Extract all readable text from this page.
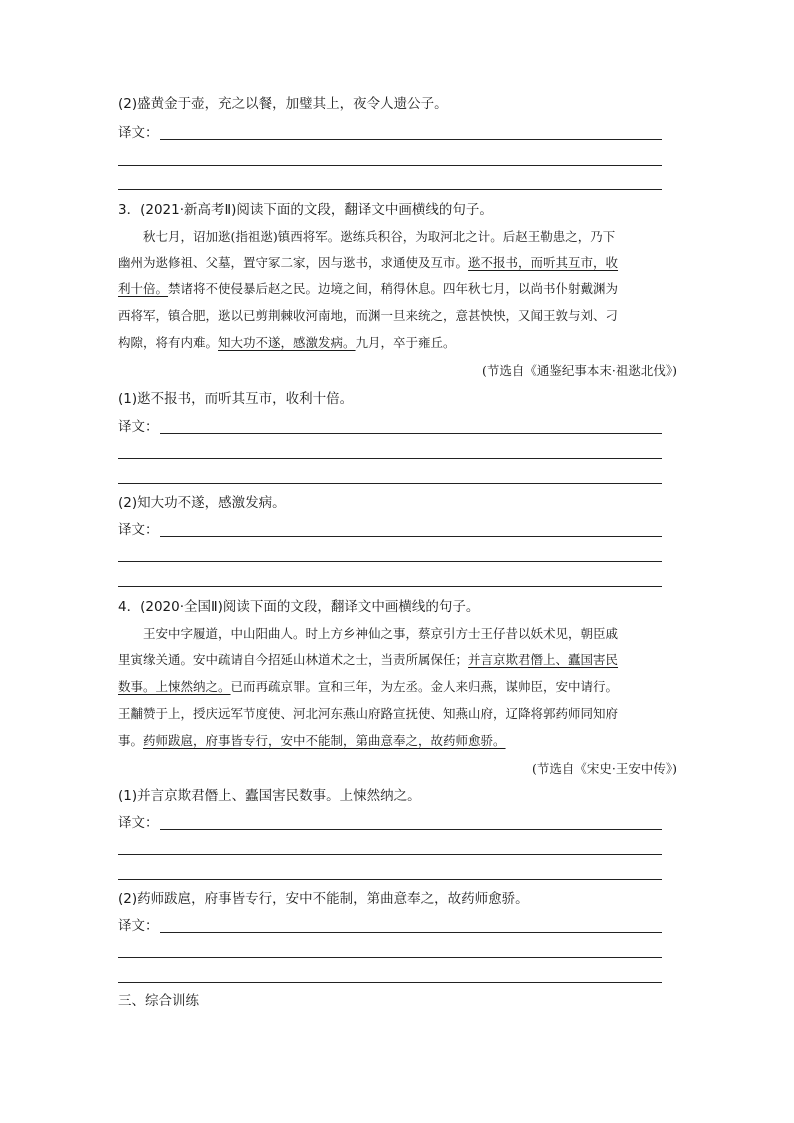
(2)盛黄金于壶，充之以餐，加璧其上，夜令人遗公子。
译文：
3．(2021·新高考Ⅱ)阅读下面的文段，翻译文中画横线的句子。
　　秋七月，诏加逖(指祖逖)镇西将军。逖练兵积谷，为取河北之计。后赵王勒患之，乃下
幽州为逖修祖、父墓，置守冢二家，因与逖书，求通使及互市。逖不报书，而听其互市，收
利十倍。禁诸将不使侵暴后赵之民。边境之间，稍得休息。四年秋七月，以尚书仆射戴渊为
西将军，镇合肥，逖以已剪荆棘收河南地，而渊一旦来统之，意甚怏怏，又闻王敦与刘、刁
构隙，将有内难。知大功不遂，感激发病。九月，卒于雍丘。
(节选自《通鉴纪事本末·祖逖北伐》)
(1)逖不报书，而听其互市，收利十倍。
译文：
(2)知大功不遂，感激发病。
译文：
4．(2020·全国Ⅱ)阅读下面的文段，翻译文中画横线的句子。
　　王安中字履道，中山阳曲人。时上方乡神仙之事，蔡京引方士王仔昔以妖术见，朝臣戚
里寅缘关通。安中疏请自今招延山林道术之士，当责所属保任；并言京欺君僭上、蠹国害民
数事。上悚然纳之。已而再疏京罪。宣和三年，为左丞。金人来归燕，谋帅臣，安中请行。
王黼赞于上，授庆远军节度使、河北河东燕山府路宣抚使、知燕山府，辽降将郭药师同知府
事。药师跋扈，府事皆专行，安中不能制，第曲意奉之，故药师愈骄。
(节选自《宋史·王安中传》)
(1)并言京欺君僭上、蠹国害民数事。上悚然纳之。
译文：
(2)药师跋扈，府事皆专行，安中不能制，第曲意奉之，故药师愈骄。
译文：
三、综合训练
